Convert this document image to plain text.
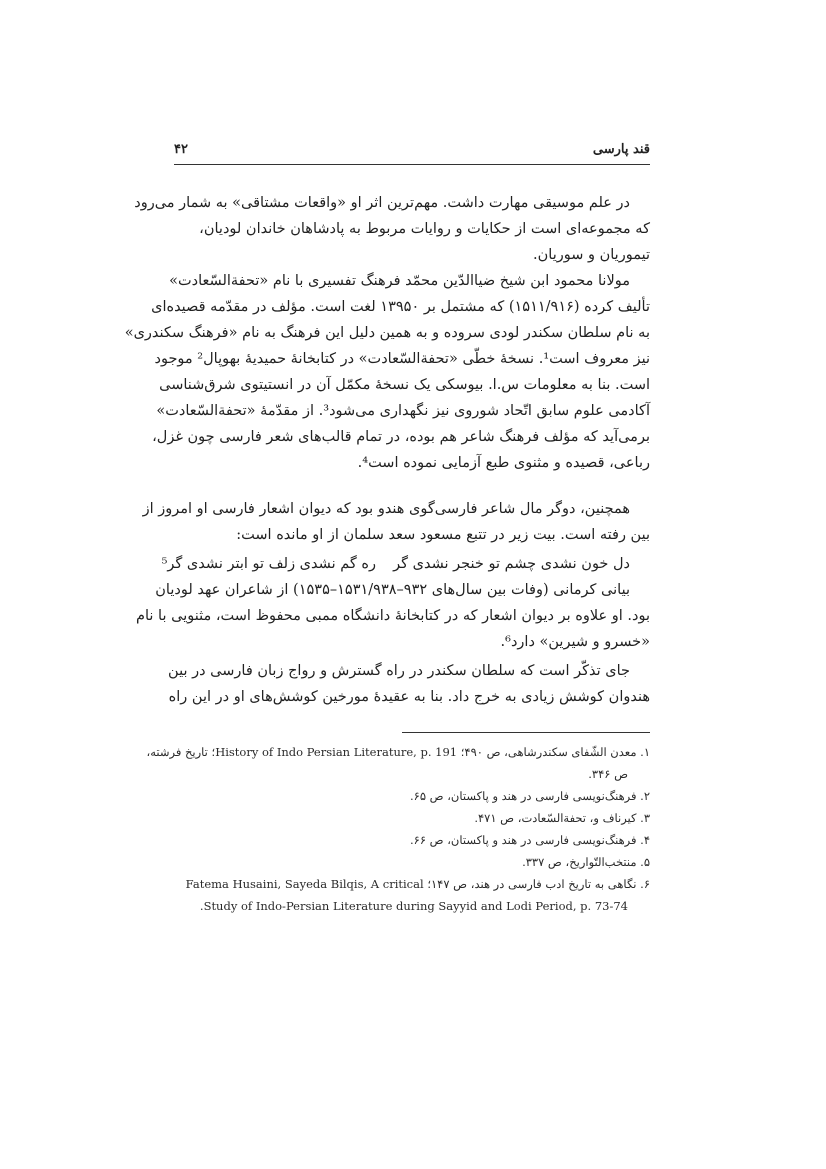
قند پارسی
۴۲
در علم موسیقی مهارت داشت. مهم‌ترین اثر او «واقعات مشتاقی» به شمار می‌رود
که مجموعه‌ای است از حکایات و روایات مربوط به پادشاهان خاندان لودیان،
تیموریان و سوریان.
مولانا محمود ابن شیخ ضیاالدّین محمّد فرهنگ تفسیری با نام «تحفةالسّعادت»
تألیف کرده (۱۵۱۱/۹۱۶) که مشتمل بر ۱۳۹۵۰ لغت است. مؤلف در مقدّمه قصیده‌ای
به نام سلطان سکندر لودی سروده و به همین دلیل این فرهنگ به نام «فرهنگ سکندری»
نیز معروف است¹. نسخهٔ خطّی «تحفةالسّعادت» در کتابخانهٔ حمیدیهٔ بهوپال² موجود
است. بنا به معلومات س.ا. بیوسکی یک نسخهٔ مکمّل آن در انستیتوی شرق‌شناسی
آکادمی علوم سابق اتّحاد شوروی نیز نگهداری می‌شود³. از مقدّمهٔ «تحفةالسّعادت»
برمی‌آید که مؤلف فرهنگ شاعر هم بوده، در تمام قالب‌های شعر فارسی چون غزل،
رباعی، قصیده و مثنوی طبع آزمایی نموده است⁴.
همچنین، دوگر مال شاعر فارسی‌گوی هندو بود که دیوان اشعار فارسی او امروز از
بین رفته است. بیت زیر در تتبع مسعود سعد سلمان از او مانده است:
دل خون نشدی چشم تو خنجر نشدی گر
ره گم نشدی زلف تو ابتر نشدی گر⁵
بیانی کرمانی (وفات بین سال‌های ۹۳۲–۱۵۳۱/۹۳۸–۱۵۳۵) از شاعران عهد لودیان
بود. او علاوه بر دیوان اشعار که در کتابخانهٔ دانشگاه ممبی محفوظ است، مثنویی با نام
«خسرو و شیرین» دارد⁶.
جای تذکّر است که سلطان سکندر در راه گسترش و رواج زبان فارسی در بین
هندوان کوشش زیادی به خرج داد. بنا به عقیدهٔ مورخین کوشش‌های او در این راه
۱. معدن الشّفای سکندرشاهی، ص ۴۹۰؛ History of Indo Persian Literature, p. 191؛ تاریخ فرشته،
ص ۳۴۶.
۲. فرهنگ‌نویسی فارسی در هند و پاکستان، ص ۶۵.
۳. کیرناف و، تحفةالسّعادت، ص ۴۷۱.
۴. فرهنگ‌نویسی فارسی در هند و پاکستان، ص ۶۶.
۵. منتخب‌التّواریخ، ص ۳۳۷.
۶. نگاهی به تاریخ ادب فارسی در هند، ص ۱۴۷؛ Fatema Husaini, Sayeda Bilqis, A critical
Study of Indo-Persian Literature during Sayyid and Lodi Period, p. 73-74.
